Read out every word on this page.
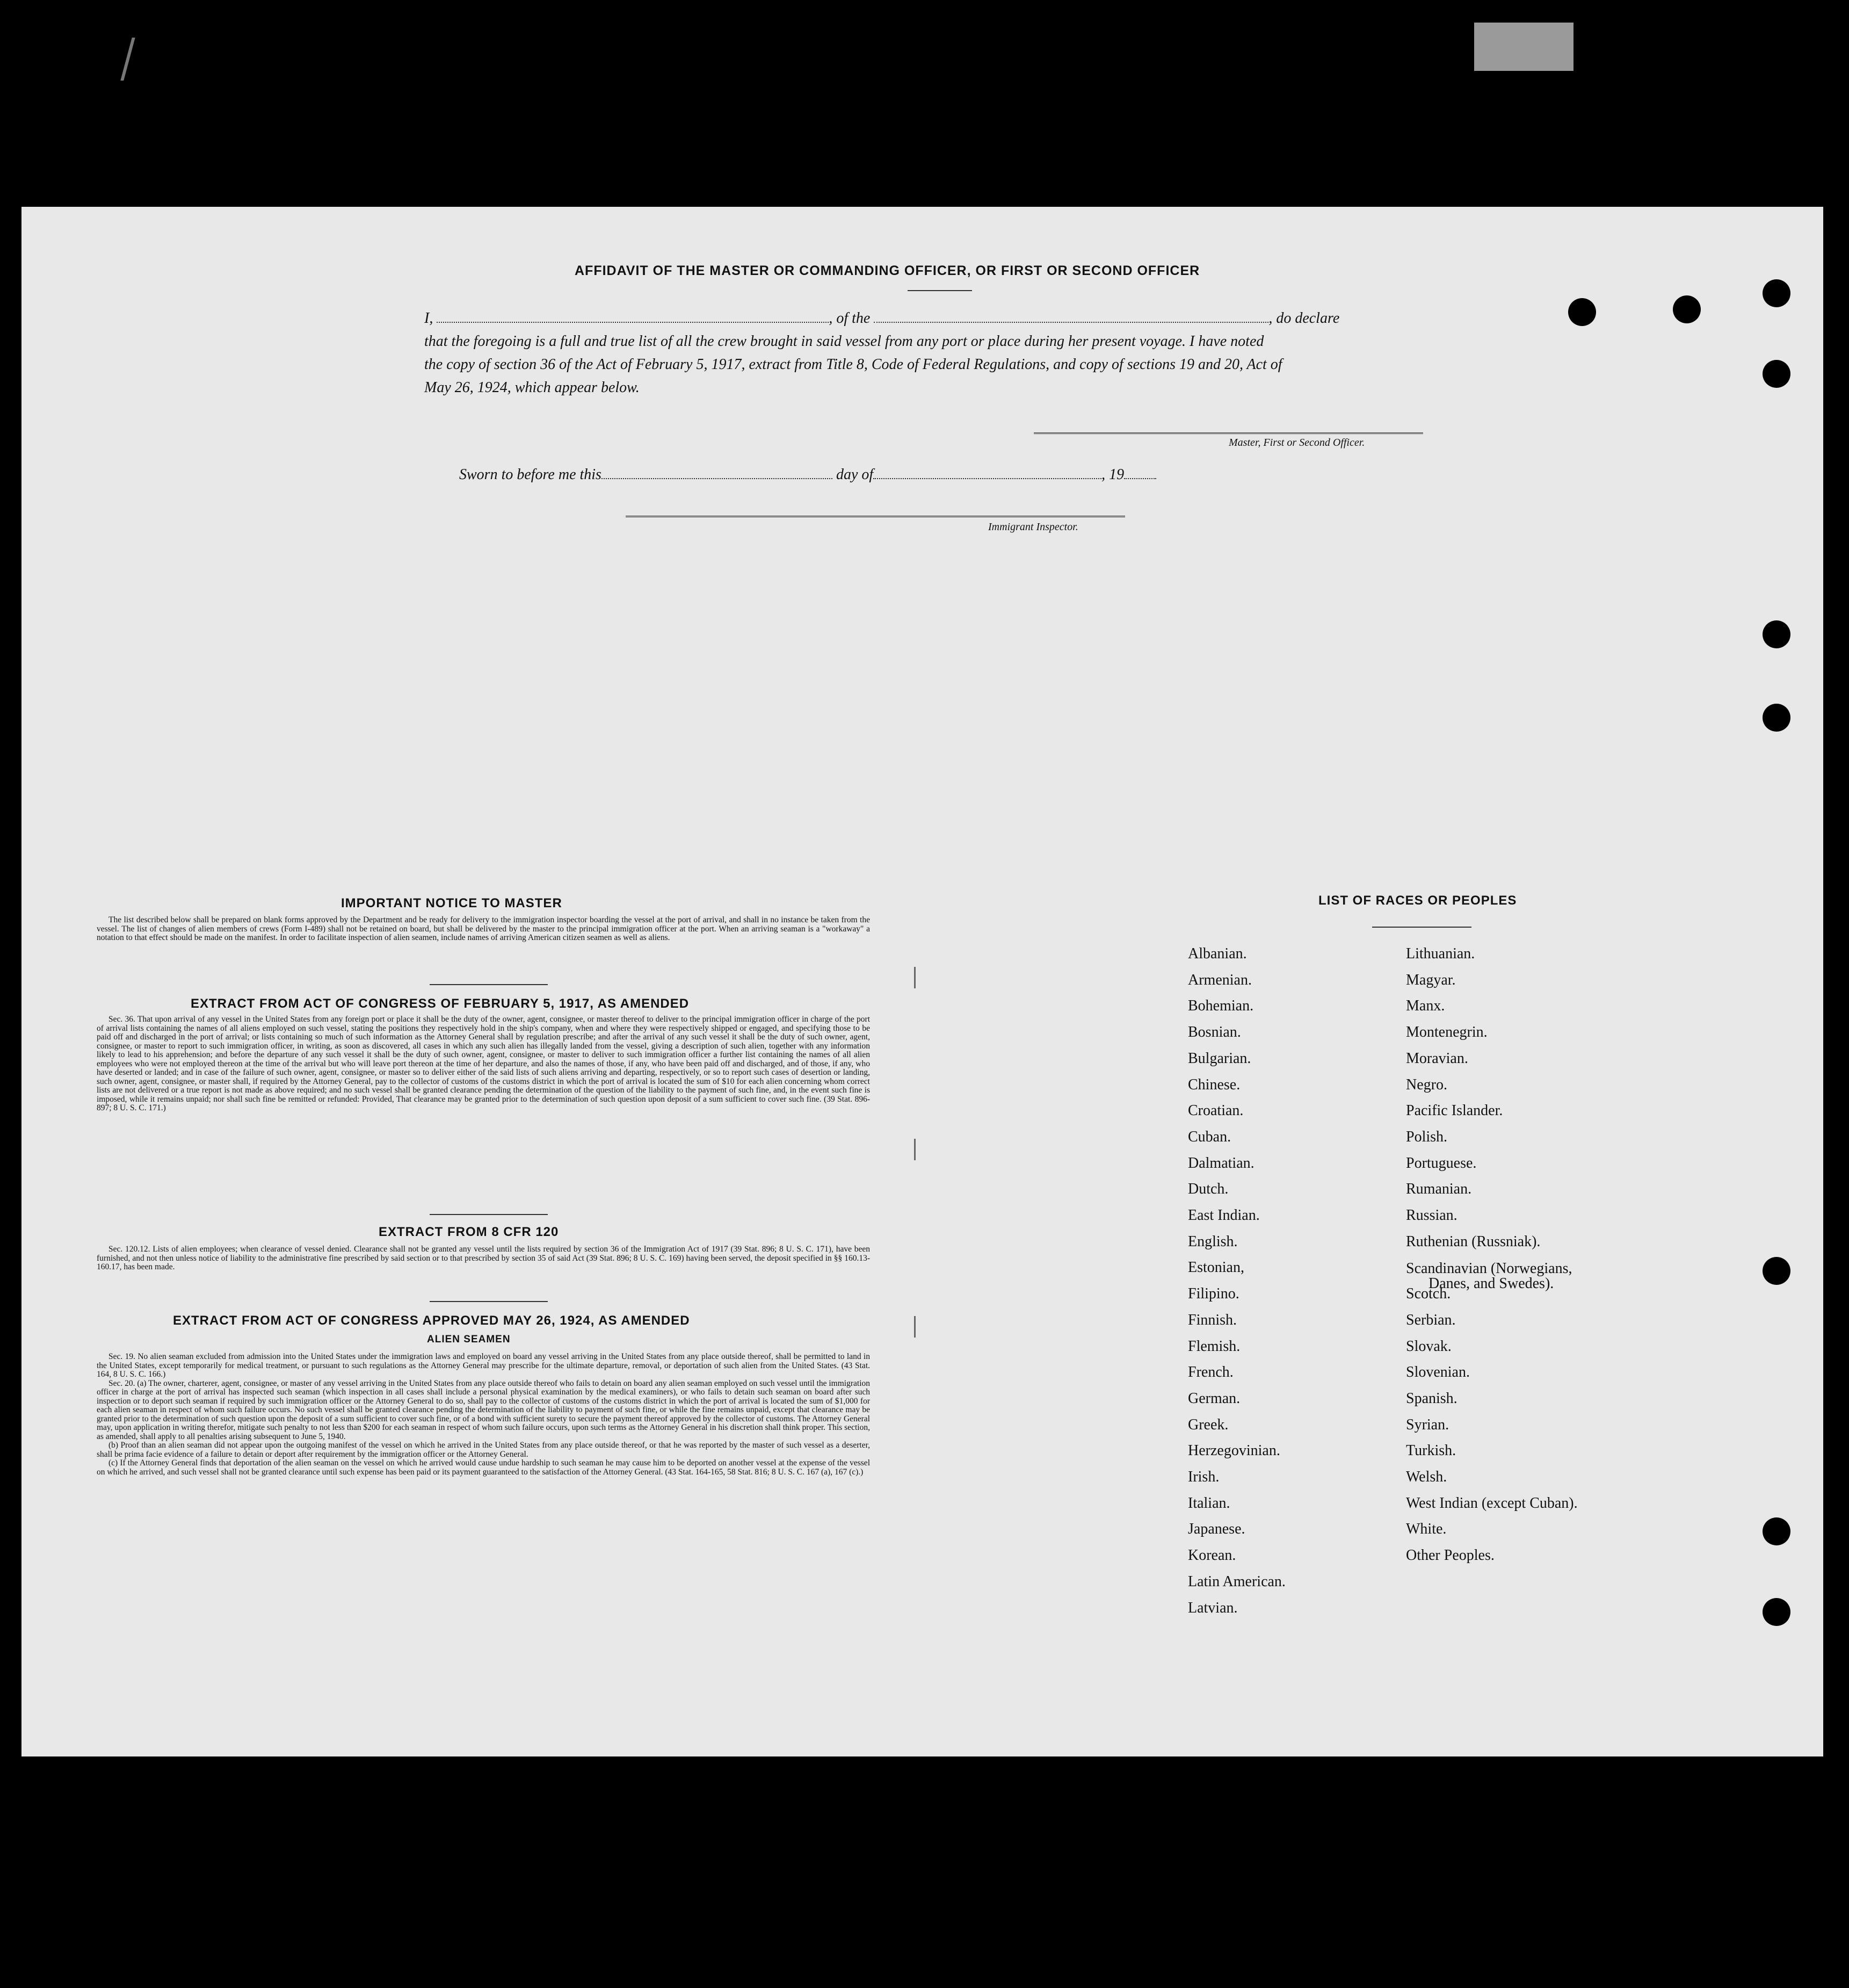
AFFIDAVIT OF THE MASTER OR COMMANDING OFFICER, OR FIRST OR SECOND OFFICER
I,	, of the	, do declare
that the foregoing is a full and true list of all the crew brought in said vessel from any port or place during her present voyage. I have noted
the copy of section 36 of the Act of February 5, 1917, extract from Title 8, Code of Federal Regulations, and copy of sections 19 and 20, Act of
May 26, 1924, which appear below.
Master, First or Second Officer.
Sworn to before me this	day of	, 19
Immigrant Inspector.
IMPORTANT NOTICE TO MASTER

The list described below shall be prepared on blank forms approved by the Department and be ready for delivery to the immigration inspector boarding the vessel at the port of arrival, and shall in no instance be taken from the vessel. The list of changes of alien members of crews (Form I-489) shall not be retained on board, but shall be delivered by the master to the principal immigration officer at the port. When an arriving seaman is a "workaway" a notation to that effect should be made on the manifest. In order to facilitate inspection of alien seamen, include names of arriving American citizen seamen as well as aliens.

EXTRACT FROM ACT OF CONGRESS OF FEBRUARY 5, 1917, AS AMENDED

Sec. 36. That upon arrival of any vessel in the United States from any foreign port or place it shall be the duty of the owner, agent, consignee, or master thereof to deliver to the principal immigration officer in charge of the port of arrival lists containing the names of all aliens employed on such vessel, stating the positions they respectively hold in the ship's company, when and where they were respectively shipped or engaged, and specifying those to be paid off and discharged in the port of arrival; or lists containing so much of such information as the Attorney General shall by regulation prescribe; and after the arrival of any such vessel it shall be the duty of such owner, agent, consignee, or master to report to such immigration officer, in writing, as soon as discovered, all cases in which any such alien has illegally landed from the vessel, giving a description of such alien, together with any information likely to lead to his apprehension; and before the departure of any such vessel it shall be the duty of such owner, agent, consignee, or master to deliver to such immigration officer a further list containing the names of all alien employees who were not employed thereon at the time of the arrival but who will leave port thereon at the time of her departure, and also the names of those, if any, who have been paid off and discharged, and of those, if any, who have deserted or landed; and in case of the failure of such owner, agent, consignee, or master so to deliver either of the said lists of such aliens arriving and departing, respectively, or so to report such cases of desertion or landing, such owner, agent, consignee, or master shall, if required by the Attorney General, pay to the collector of customs of the customs district in which the port of arrival is located the sum of $10 for each alien concerning whom correct lists are not delivered or a true report is not made as above required; and no such vessel shall be granted clearance pending the determination of the question of the liability to the payment of such fine, and, in the event such fine is imposed, while it remains unpaid; nor shall such fine be remitted or refunded: Provided, That clearance may be granted prior to the determination of such question upon deposit of a sum sufficient to cover such fine. (39 Stat. 896-897; 8 U. S. C. 171.)

EXTRACT FROM 8 CFR 120

Sec. 120.12. Lists of alien employees; when clearance of vessel denied. Clearance shall not be granted any vessel until the lists required by section 36 of the Immigration Act of 1917 (39 Stat. 896; 8 U. S. C. 171), have been furnished, and not then unless notice of liability to the administrative fine prescribed by said section or to that prescribed by section 35 of said Act (39 Stat. 896; 8 U. S. C. 169) having been served, the deposit specified in §§ 160.13-160.17, has been made.

EXTRACT FROM ACT OF CONGRESS APPROVED MAY 26, 1924, AS AMENDED
ALIEN SEAMEN

Sec. 19. No alien seaman excluded from admission into the United States under the immigration laws and employed on board any vessel arriving in the United States from any place outside thereof, shall be permitted to land in the United States, except temporarily for medical treatment, or pursuant to such regulations as the Attorney General may prescribe for the ultimate departure, removal, or deportation of such alien from the United States. (43 Stat. 164, 8 U. S. C. 166.)

Sec. 20. (a) The owner, charterer, agent, consignee, or master of any vessel arriving in the United States from any place outside thereof who fails to detain on board any alien seaman employed on such vessel until the immigration officer in charge at the port of arrival has inspected such seaman (which inspection in all cases shall include a personal physical examination by the medical examiners), or who fails to detain such seaman on board after such inspection or to deport such seaman if required by such immigration officer or the Attorney General to do so, shall pay to the collector of customs of the customs district in which the port of arrival is located the sum of $1,000 for each alien seaman in respect of whom such failure occurs. No such vessel shall be granted clearance pending the determination of the liability to payment of such fine, or while the fine remains unpaid, except that clearance may be granted prior to the determination of such question upon the deposit of a sum sufficient to cover such fine, or of a bond with sufficient surety to secure the payment thereof approved by the collector of customs. The Attorney General may, upon application in writing therefor, mitigate such penalty to not less than $200 for each seaman in respect of whom such failure occurs, upon such terms as the Attorney General in his discretion shall think proper. This section, as amended, shall apply to all penalties arising subsequent to June 5, 1940.

(b) Proof than an alien seaman did not appear upon the outgoing manifest of the vessel on which he arrived in the United States from any place outside thereof, or that he was reported by the master of such vessel as a deserter, shall be prima facie evidence of a failure to detain or deport after requirement by the immigration officer or the Attorney General.

(c) If the Attorney General finds that deportation of the alien seaman on the vessel on which he arrived would cause undue hardship to such seaman he may cause him to be deported on another vessel at the expense of the vessel on which he arrived, and such vessel shall not be granted clearance until such expense has been paid or its payment guaranteed to the satisfaction of the Attorney General. (43 Stat. 164-165, 58 Stat. 816; 8 U. S. C. 167 (a), 167 (c).)

LIST OF RACES OR PEOPLES
Albanian.
Armenian.
Bohemian.
Bosnian.
Bulgarian.
Chinese.
Croatian.
Cuban.
Dalmatian.
Dutch.
East Indian.
English.
Estonian,
Filipino.
Finnish.
Flemish.
French.
German.
Greek.
Herzegovinian.
Irish.
Italian.
Japanese.
Korean.
Latin American.
Latvian.
Lithuanian.
Magyar.
Manx.
Montenegrin.
Moravian.
Negro.
Pacific Islander.
Polish.
Portuguese.
Rumanian.
Russian.
Ruthenian (Russniak).
Scandinavian (Norwegians,
Danes, and Swedes).
Scotch.
Serbian.
Slovak.
Slovenian.
Spanish.
Syrian.
Turkish.
Welsh.
West Indian (except Cuban).
White.
Other Peoples.
